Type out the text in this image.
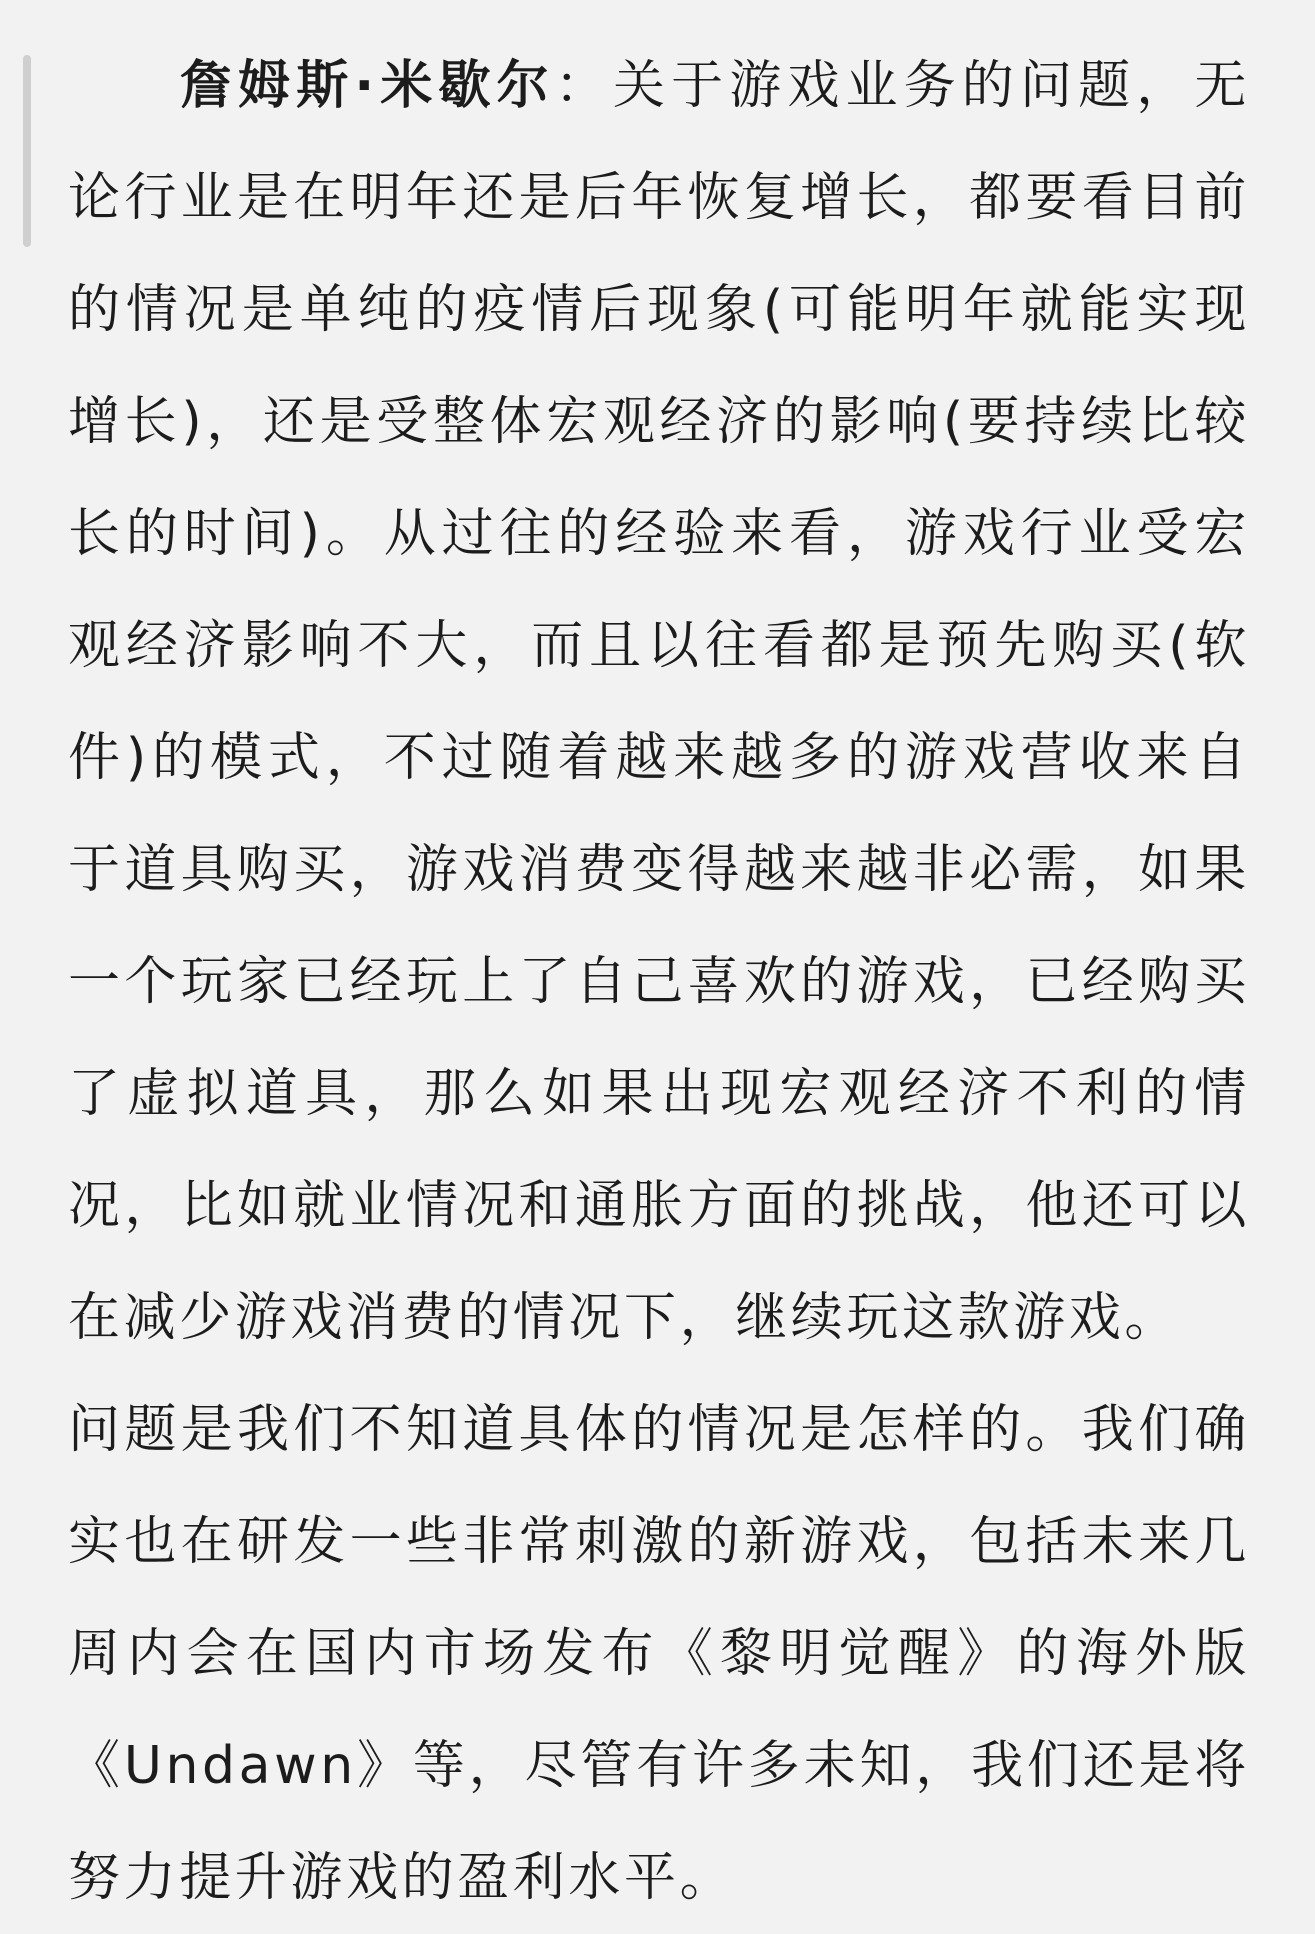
詹姆斯·米歇尔：关于游戏业务的问题，无论行业是在明年还是后年恢复增长，都要看目前的情况是单纯的疫情后现象(可能明年就能实现增长)，还是受整体宏观经济的影响(要持续比较长的时间)。从过往的经验来看，游戏行业受宏观经济影响不大，而且以往看都是预先购买(软件)的模式，不过随着越来越多的游戏营收来自于道具购买，游戏消费变得越来越非必需，如果一个玩家已经玩上了自己喜欢的游戏，已经购买了虚拟道具，那么如果出现宏观经济不利的情况，比如就业情况和通胀方面的挑战，他还可以在减少游戏消费的情况下，继续玩这款游戏。

问题是我们不知道具体的情况是怎样的。我们确实也在研发一些非常刺激的新游戏，包括未来几周内会在国内市场发布《黎明觉醒》的海外版《Undawn》等，尽管有许多未知，我们还是将努力提升游戏的盈利水平。
